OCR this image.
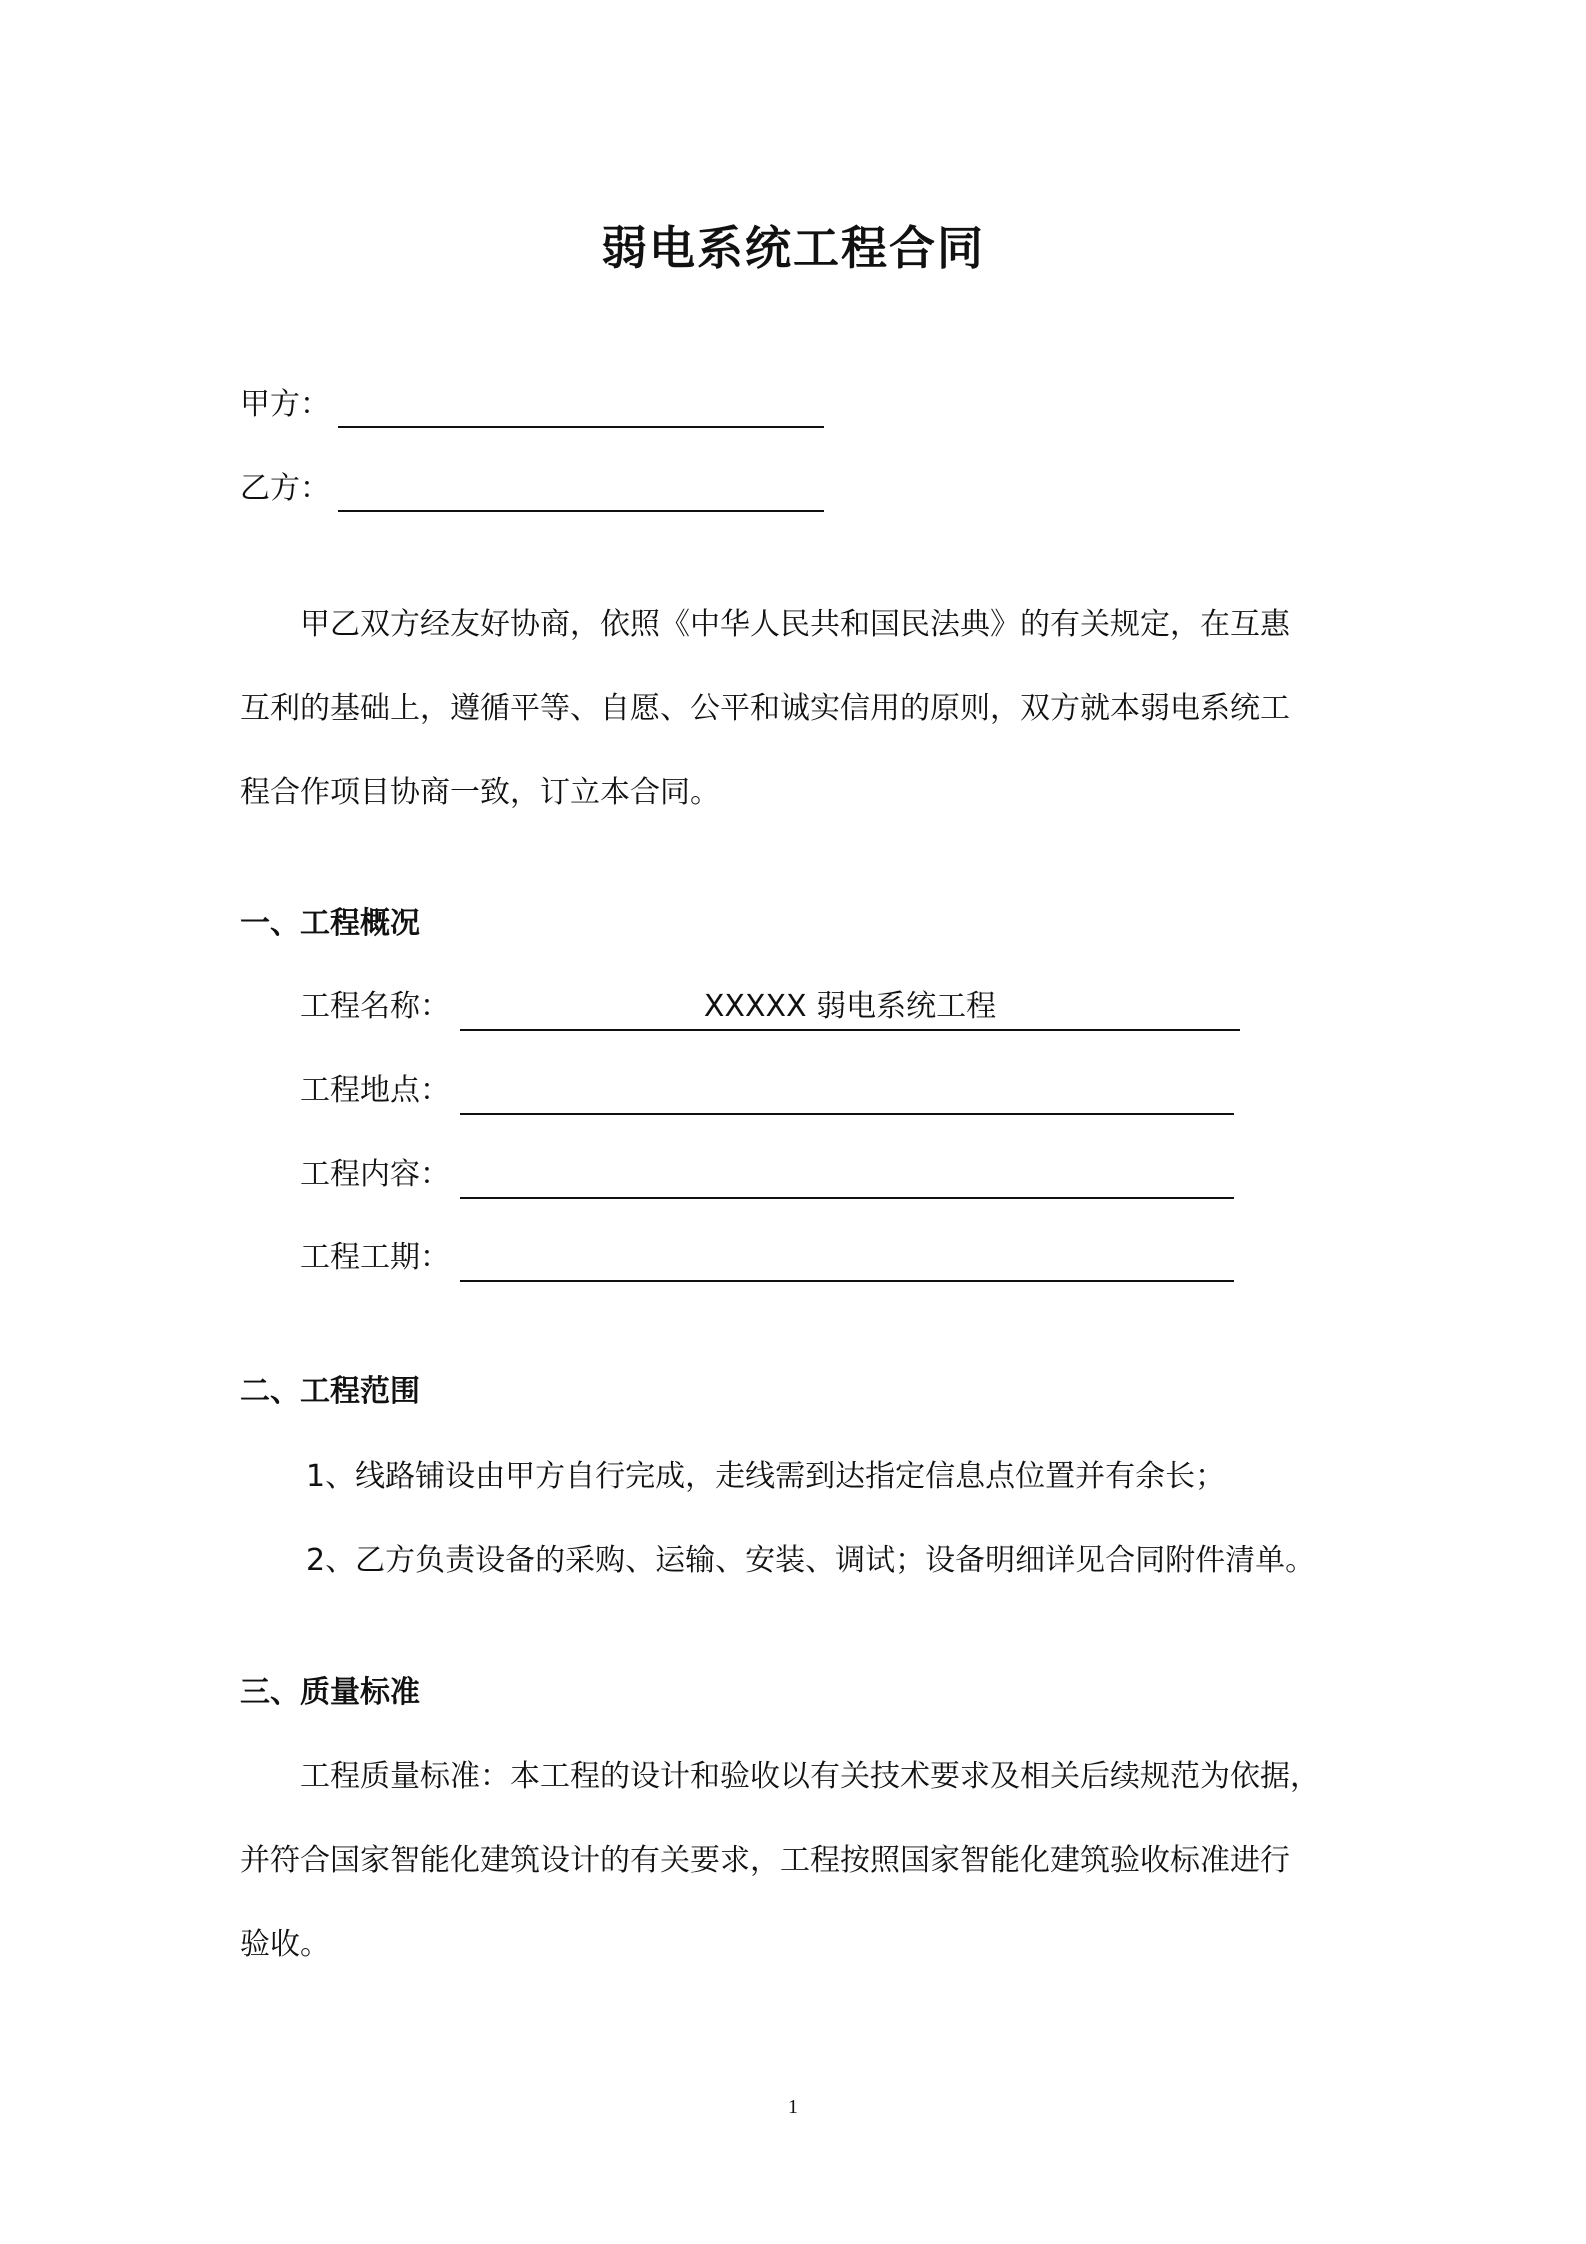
弱电系统工程合同
甲方：
乙方：
甲乙双方经友好协商，依照《中华人民共和国民法典》的有关规定，在互惠
互利的基础上，遵循平等、自愿、公平和诚实信用的原则，双方就本弱电系统工
程合作项目协商一致，订立本合同。
一、工程概况
工程名称：	XXXXX 弱电系统工程
工程地点：
工程内容：
工程工期：
二、工程范围
1、线路铺设由甲方自行完成，走线需到达指定信息点位置并有余长；
2、乙方负责设备的采购、运输、安装、调试；设备明细详见合同附件清单。
三、质量标准
工程质量标准：本工程的设计和验收以有关技术要求及相关后续规范为依据，
并符合国家智能化建筑设计的有关要求，工程按照国家智能化建筑验收标准进行
验收。
1
